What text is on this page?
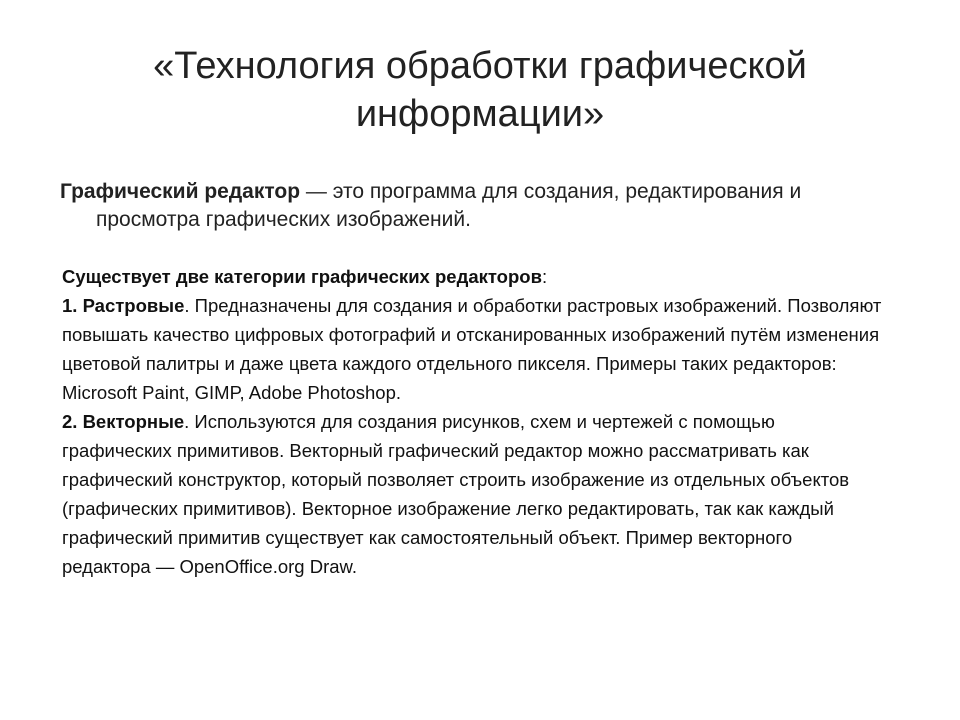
«Технология обработки графической информации»
Графический редактор — это программа для создания, редактирования и просмотра графических изображений.

Существует две категории графических редакторов:

1. Растровые. Предназначены для создания и обработки растровых изображений. Позволяют повышать качество цифровых фотографий и отсканированных изображений путём изменения цветовой палитры и даже цвета каждого отдельного пикселя. Примеры таких редакторов: Microsoft Paint, GIMP, Adobe Photoshop.

2. Векторные. Используются для создания рисунков, схем и чертежей с помощью графических примитивов. Векторный графический редактор можно рассматривать как графический конструктор, который позволяет строить изображение из отдельных объектов (графических примитивов). Векторное изображение легко редактировать, так как каждый графический примитив существует как самостоятельный объект. Пример векторного редактора — OpenOffice.org Draw.
